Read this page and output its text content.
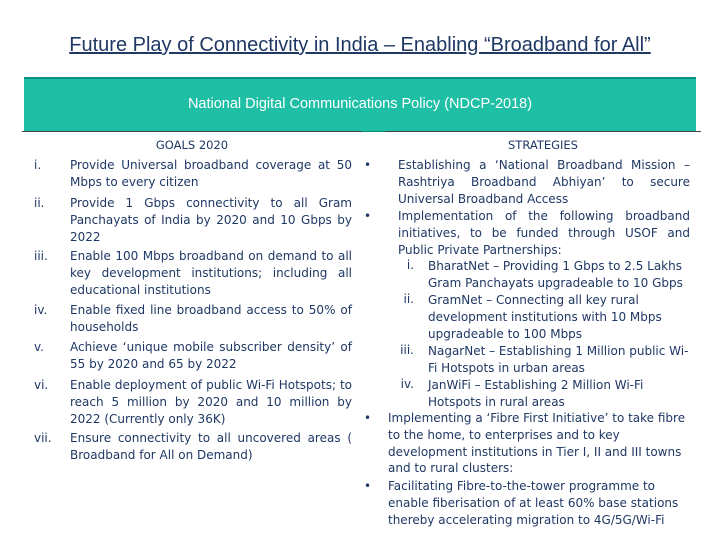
Future Play of Connectivity in India – Enabling “Broadband for All”
National Digital Communications Policy (NDCP-2018)
GOALS 2020	STRATEGIES
i. Provide Universal broadband coverage at 50 Mbps to every citizen
ii. Provide 1 Gbps connectivity to all Gram Panchayats of India by 2020 and 10 Gbps by 2022
iii. Enable 100 Mbps broadband on demand to all key development institutions; including all educational institutions
iv. Enable fixed line broadband access to 50% of households
v. Achieve ‘unique mobile subscriber density’ of 55 by 2020 and 65 by 2022
vi. Enable deployment of public Wi-Fi Hotspots; to reach 5 million by 2020 and 10 million by 2022 (Currently only 36K)
vii. Ensure connectivity to all uncovered areas ( Broadband for All on Demand)
• Establishing a ‘National Broadband Mission – Rashtriya Broadband Abhiyan’ to secure Universal Broadband Access
• Implementation of the following broadband initiatives, to be funded through USOF and Public Private Partnerships:
i. BharatNet – Providing 1 Gbps to 2.5 Lakhs Gram Panchayats upgradeable to 10 Gbps
ii. GramNet – Connecting all key rural development institutions with 10 Mbps upgradeable to 100 Mbps
iii. NagarNet – Establishing 1 Million public Wi-Fi Hotspots in urban areas
iv. JanWiFi – Establishing 2 Million Wi-Fi Hotspots in rural areas
• Implementing a ‘Fibre First Initiative’ to take fibre to the home, to enterprises and to key development institutions in Tier I, II and III towns and to rural clusters:
• Facilitating Fibre-to-the-tower programme to enable fiberisation of at least 60% base stations thereby accelerating migration to 4G/5G/Wi-Fi
